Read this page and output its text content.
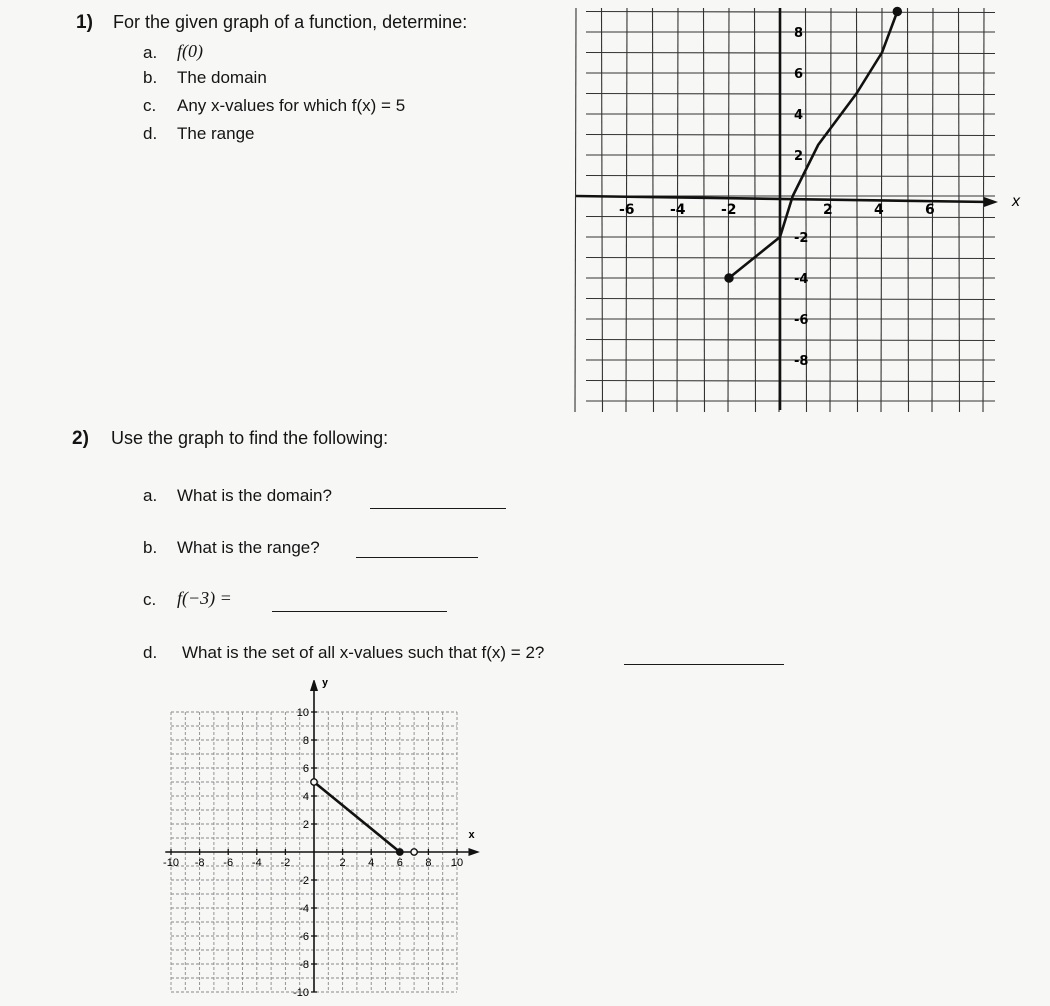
1) For the given graph of a function, determine:
a. f(0)
b. The domain
c. Any x-values for which f(x) = 5
d. The range
x
-6	-4	-2	2	4	6
8
6
4
2
-2
-4
-6
-8
2) Use the graph to find the following:
a. What is the domain?
b. What is the range?
c. f(−3) =
d. What is the set of all x-values such that f(x) = 2?
x
y
-10 -8 -6 -4 -2	2 4 6 8 10
10
8
6
4
2
-2
-4
-6
-8
-10
